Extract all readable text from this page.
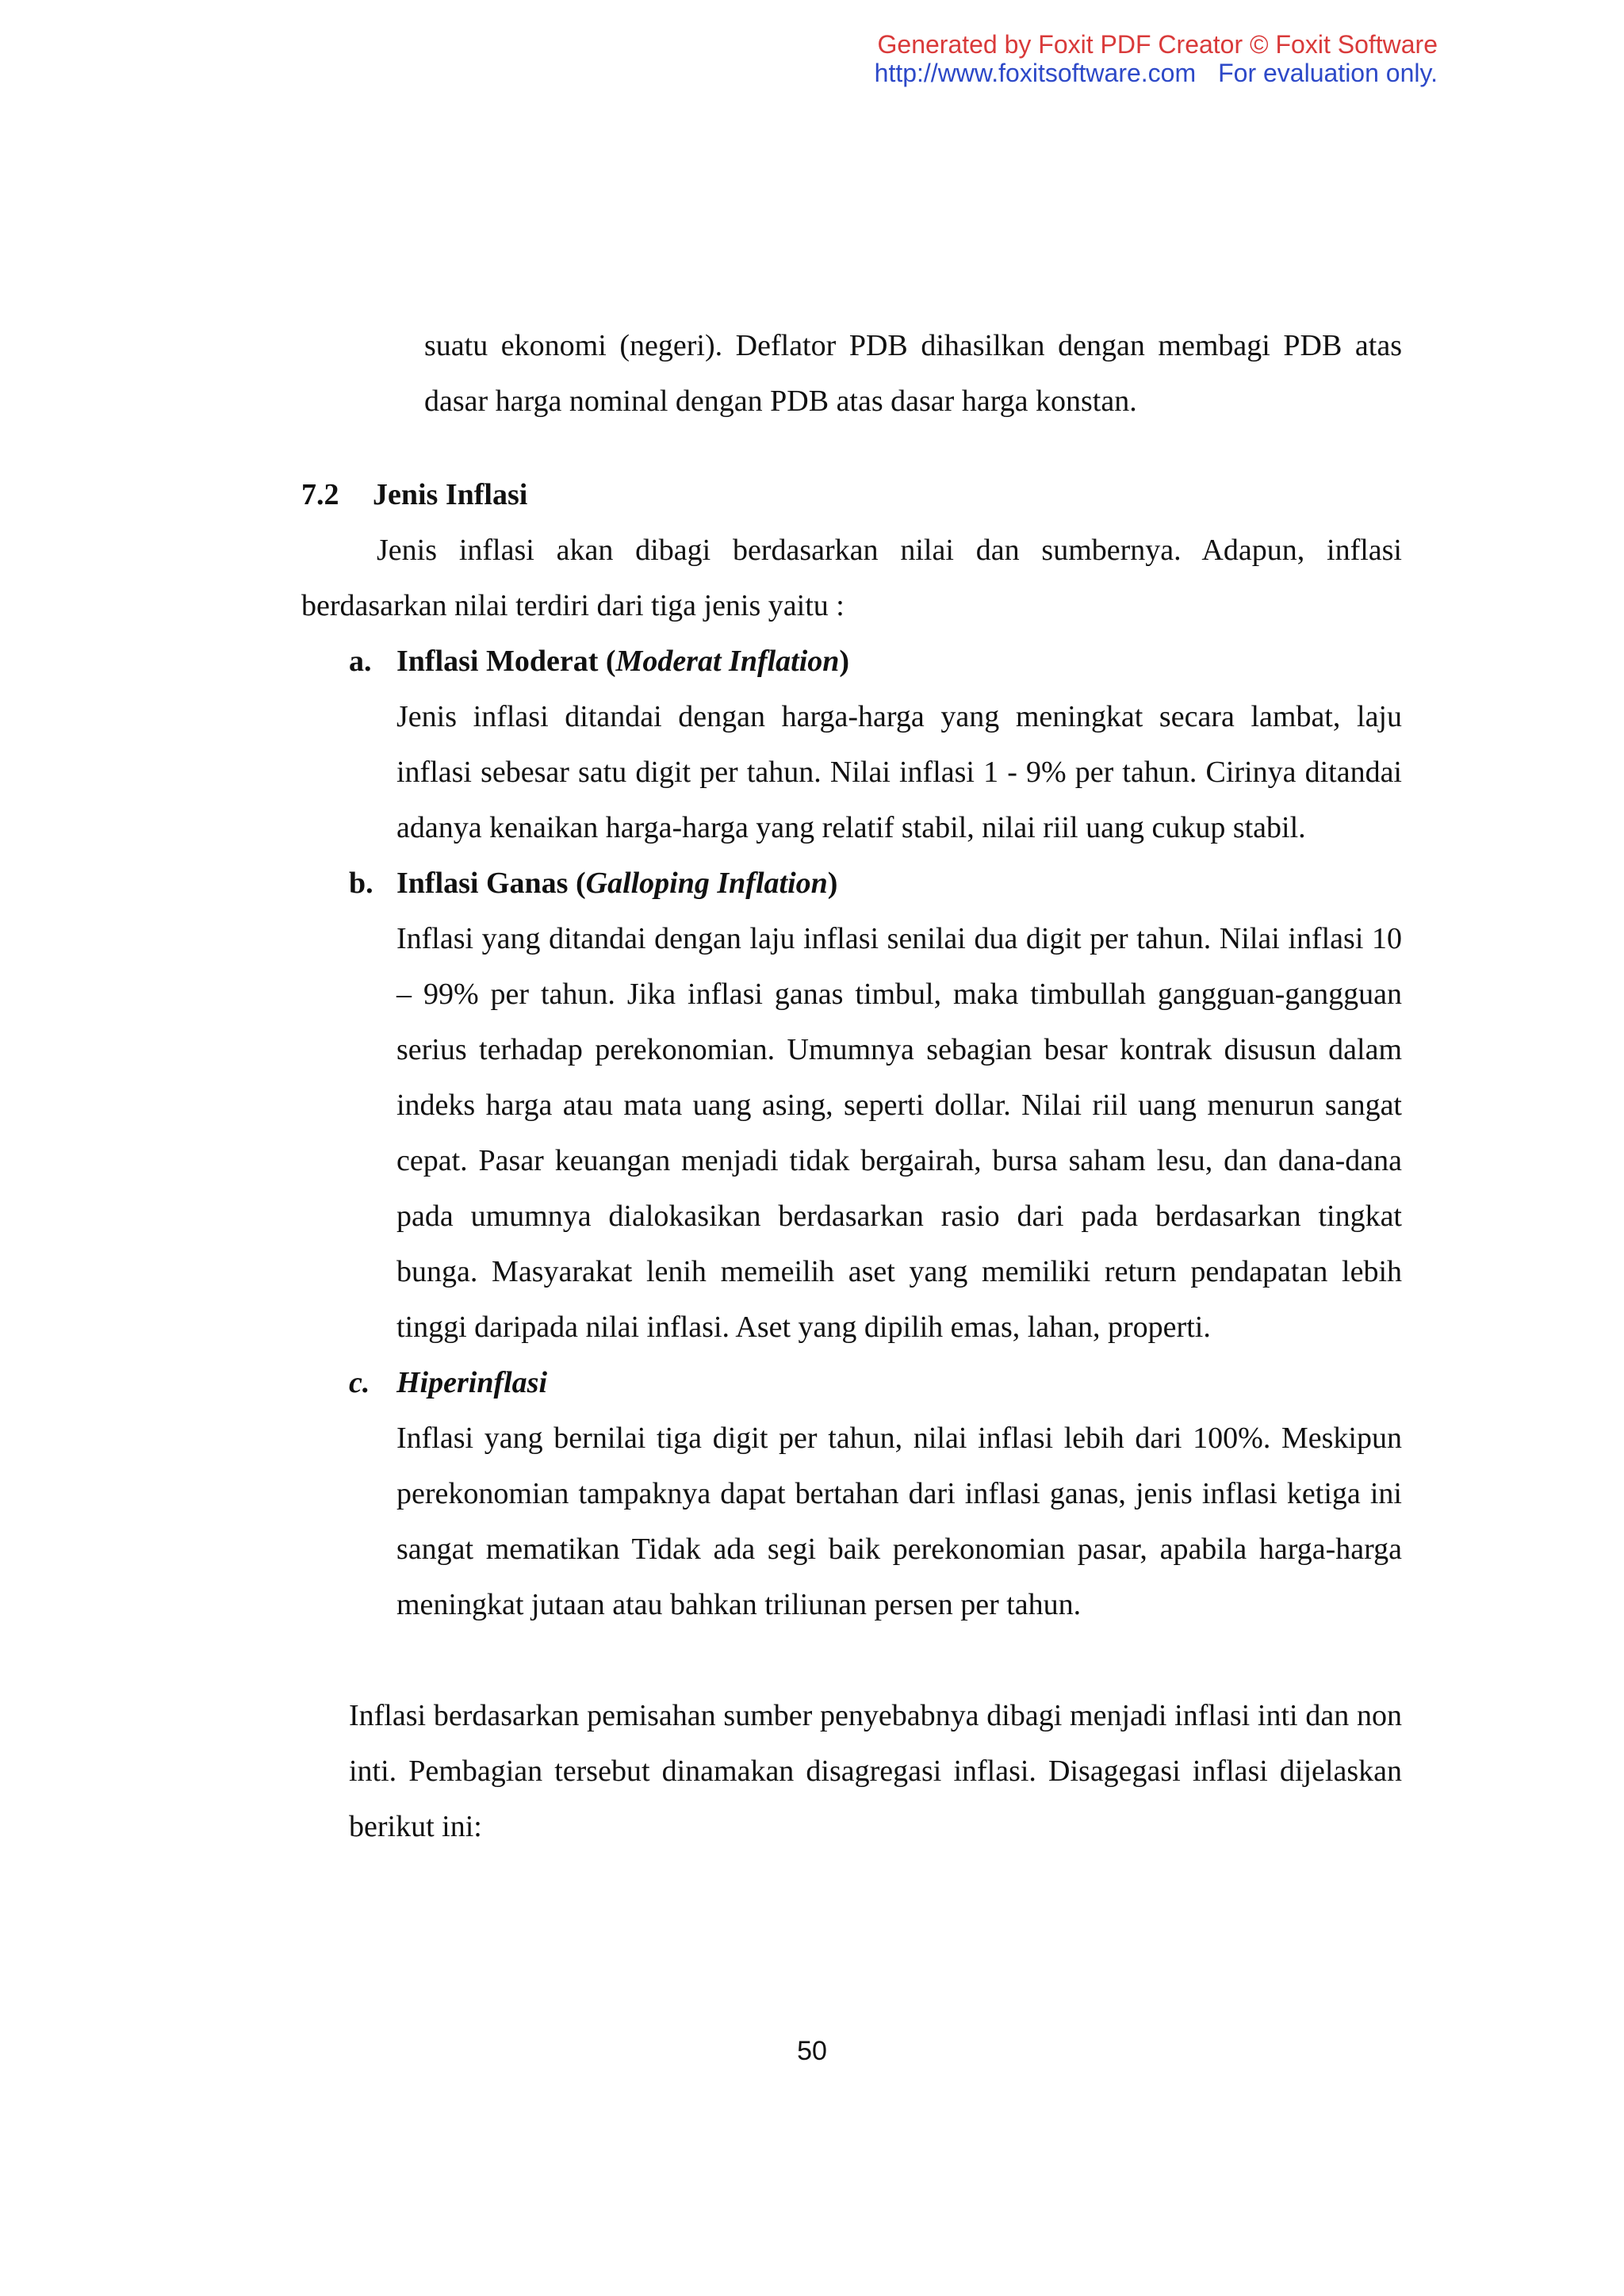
Generated by Foxit PDF Creator © Foxit Software
http://www.foxitsoftware.com For evaluation only.

suatu ekonomi (negeri). Deflator PDB dihasilkan dengan membagi PDB atas dasar harga nominal dengan PDB atas dasar harga konstan.

7.2 Jenis Inflasi

Jenis inflasi akan dibagi berdasarkan nilai dan sumbernya. Adapun, inflasi berdasarkan nilai terdiri dari tiga jenis yaitu :

a. Inflasi Moderat (Moderat Inflation)

Jenis inflasi ditandai dengan harga-harga yang meningkat secara lambat, laju inflasi sebesar satu digit per tahun. Nilai inflasi 1 - 9% per tahun. Cirinya ditandai adanya kenaikan harga-harga yang relatif stabil, nilai riil uang cukup stabil.

b. Inflasi Ganas (Galloping Inflation)

Inflasi yang ditandai dengan laju inflasi senilai dua digit per tahun. Nilai inflasi 10 – 99% per tahun. Jika inflasi ganas timbul, maka timbullah gangguan-gangguan serius terhadap perekonomian. Umumnya sebagian besar kontrak disusun dalam indeks harga atau mata uang asing, seperti dollar. Nilai riil uang menurun sangat cepat. Pasar keuangan menjadi tidak bergairah, bursa saham lesu, dan dana-dana pada umumnya dialokasikan berdasarkan rasio dari pada berdasarkan tingkat bunga. Masyarakat lenih memeilih aset yang memiliki return pendapatan lebih tinggi daripada nilai inflasi. Aset yang dipilih emas, lahan, properti.

c. Hiperinflasi

Inflasi yang bernilai tiga digit per tahun, nilai inflasi lebih dari 100%. Meskipun perekonomian tampaknya dapat bertahan dari inflasi ganas, jenis inflasi ketiga ini sangat mematikan Tidak ada segi baik perekonomian pasar, apabila harga-harga meningkat jutaan atau bahkan triliunan persen per tahun.

Inflasi berdasarkan pemisahan sumber penyebabnya dibagi menjadi inflasi inti dan non inti. Pembagian tersebut dinamakan disagregasi inflasi. Disagegasi inflasi dijelaskan berikut ini:

50
